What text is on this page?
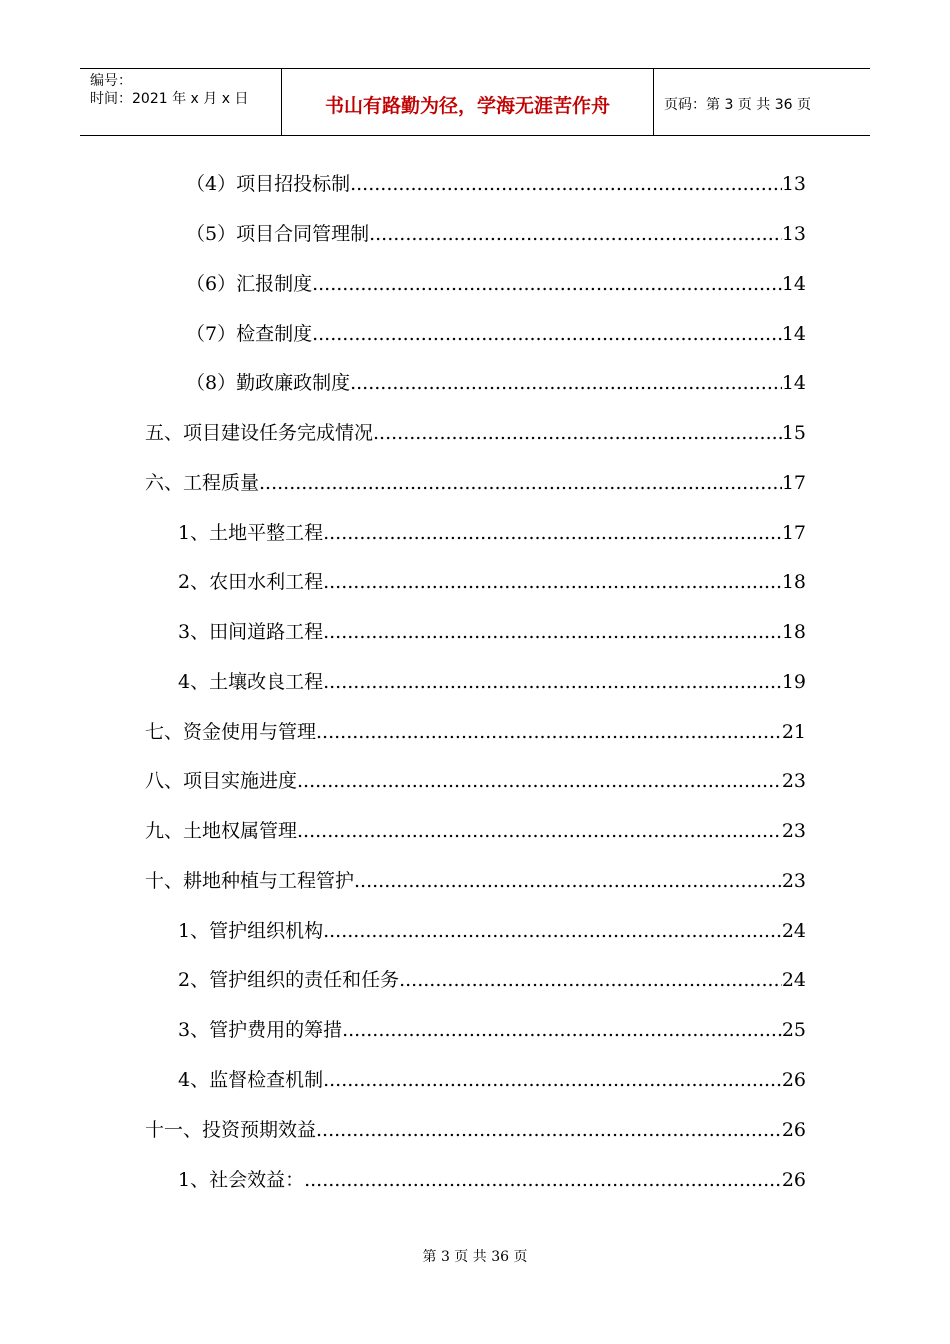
编号：
时间：2021 年 x 月 x 日	书山有路勤为径，学海无涯苦作舟	页码：第 3 页 共 36 页
（4）项目招投标制 .....	13
（5）项目合同管理制 .....	13
（6）汇报制度 .....	14
（7）检查制度 .....	14
（8）勤政廉政制度 .....	14
五、项目建设任务完成情况 .....	15
六、工程质量 .....	17
1、土地平整工程 .....	17
2、农田水利工程 .....	18
3、田间道路工程 .....	18
4、土壤改良工程 .....	19
七、资金使用与管理 .....	21
八、项目实施进度 .....	23
九、土地权属管理 .....	23
十、耕地种植与工程管护 .....	23
1、管护组织机构 .....	24
2、管护组织的责任和任务 .....	24
3、管护费用的筹措 .....	25
4、监督检查机制 .....	26
十一、投资预期效益 .....	26
1、社会效益： .....	26
第 3 页 共 36 页
